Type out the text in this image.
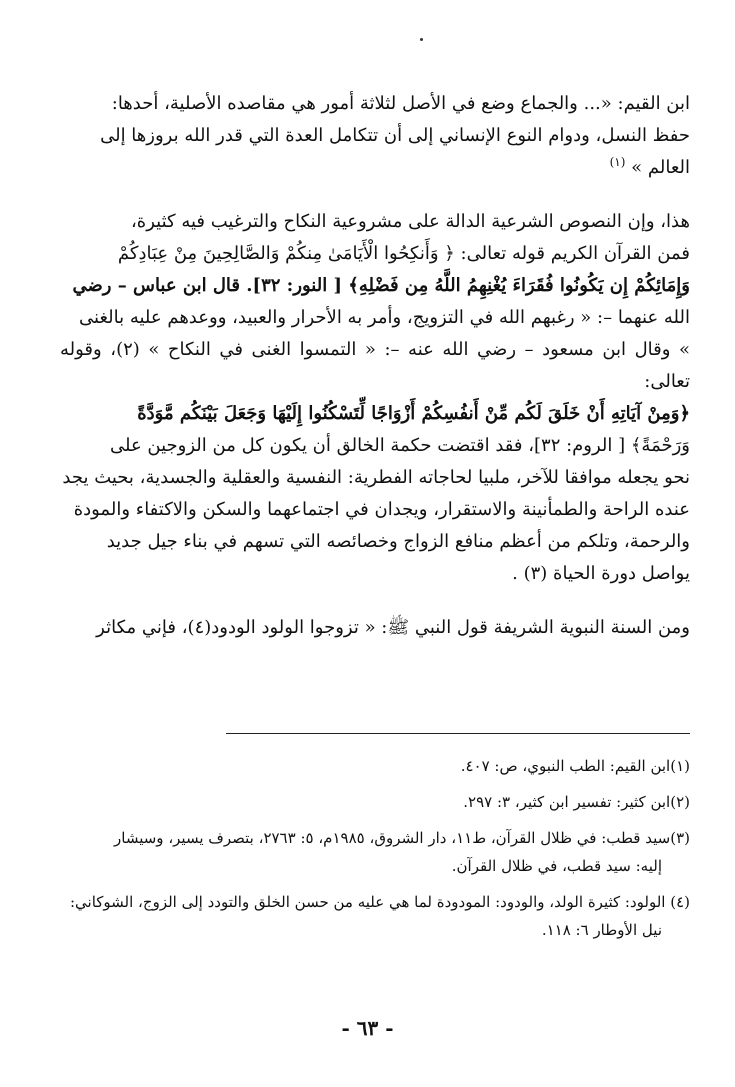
ابن القيم: «... والجماع وضع في الأصل لثلاثة أمور هي مقاصده الأصلية، أحدها:
حفظ النسل، ودوام النوع الإنساني إلى أن تتكامل العدة التي قدر الله بروزها إلى
العالم » $^{(١)}$

هذا، وإن النصوص الشرعية الدالة على مشروعية النكاح والترغيب فيه كثيرة،
فمن القرآن الكريم قوله تعالى: ﴿ وَأَنكِحُوا الْأَيَامَىٰ مِنكُمْ وَالصَّالِحِينَ مِنْ عِبَادِكُمْ
وَإِمَائِكُمْ إِن يَكُونُوا فُقَرَاءَ يُغْنِهِمُ اللَّهُ مِن فَضْلِهِ﴾ [ النور: ٣٢]. قال ابن عباس – رضي
الله عنهما –: « رغبهم الله في التزويج، وأمر به الأحرار والعبيد، ووعدهم عليه بالغنى
» وقال ابن مسعود – رضي الله عنه –: « التمسوا الغنى في النكاح » (٢)، وقوله تعالى:
﴿وَمِنْ آيَاتِهِ أَنْ خَلَقَ لَكُم مِّنْ أَنفُسِكُمْ أَزْوَاجًا لِّتَسْكُنُوا إِلَيْهَا وَجَعَلَ بَيْنَكُم مَّوَدَّةً
وَرَحْمَةً﴾ [ الروم: ٣٢]، فقد اقتضت حكمة الخالق أن يكون كل من الزوجين على
نحو يجعله موافقا للآخر، ملبيا لحاجاته الفطرية: النفسية والعقلية والجسدية، بحيث يجد
عنده الراحة والطمأنينة والاستقرار، ويجدان في اجتماعهما والسكن والاكتفاء والمودة
والرحمة، وتلكم من أعظم منافع الزواج وخصائصه التي تسهم في بناء جيل جديد
يواصل دورة الحياة (٣) .

ومن السنة النبوية الشريفة قول النبي ﷺ: « تزوجوا الولود الودود(٤)، فإني مكاثر

(١)ابن القيم: الطب النبوي، ص: ٤٠٧.

(٢)ابن كثير: تفسير ابن كثير، ٣: ٢٩٧.

(٣)سيد قطب: في ظلال القرآن، ط١١، دار الشروق، ١٩٨٥م، ٥: ٢٧٦٣، بتصرف يسير، وسيشار
إليه: سيد قطب، في ظلال القرآن.

(٤) الولود: كثيرة الولد، والودود: المودودة لما هي عليه من حسن الخلق والتودد إلى الزوج، الشوكاني:
نيل الأوطار ٦: ١١٨.

- ٦٣ -
